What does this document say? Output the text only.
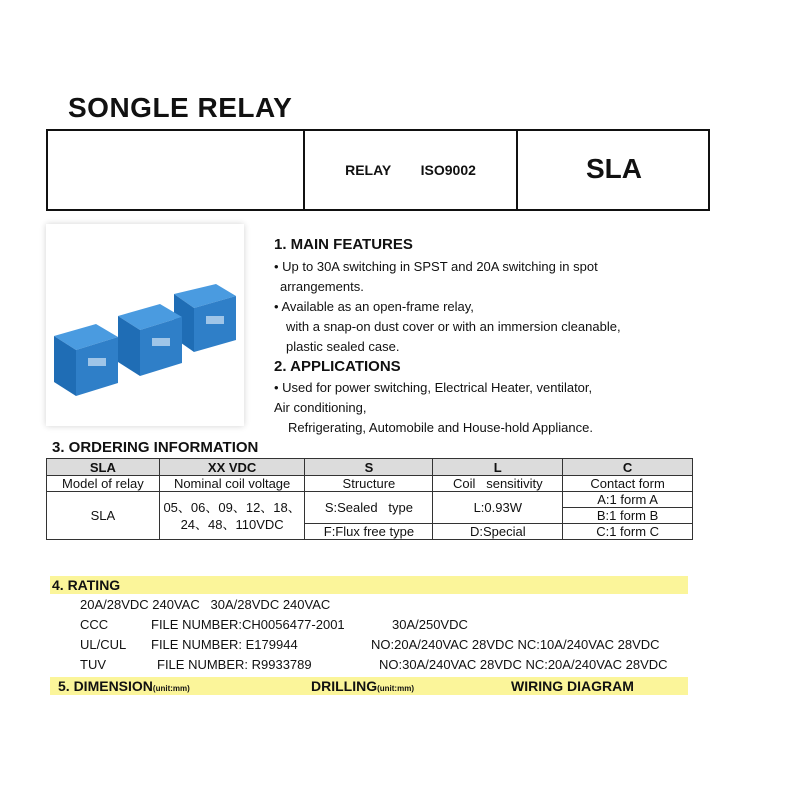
SONGLE RELAY
RELAY   ISO9002	SLA
1. MAIN FEATURES
• Up to 30A switching in SPST and 20A switching in spot
arrangements.
• Available as an open-frame relay,
with a snap-on dust cover or with an immersion cleanable,
plastic sealed case.
2. APPLICATIONS
• Used for power switching, Electrical Heater, ventilator,
Air conditioning,
Refrigerating, Automobile and House-hold Appliance.
3. ORDERING INFORMATION
SLA	XX VDC	S	L	C
Model of relay	Nominal coil voltage	Structure	Coil   sensitivity	Contact form
SLA	05、06、09、12、18、
24、48、110VDC	S:Sealed   type	L:0.93W	A:1 form A
				B:1 form B
		F:Flux free type	D:Special	C:1 form C
4. RATING
20A/28VDC 240VAC   30A/28VDC 240VAC
CCC	FILE NUMBER:CH0056477-2001	30A/250VDC
UL/CUL FILE NUMBER: E179944	NO:20A/240VAC 28VDC NC:10A/240VAC 28VDC
TUV	FILE NUMBER: R9933789	NO:30A/240VAC 28VDC NC:20A/240VAC 28VDC
5. DIMENSION(unit:mm)	DRILLING(unit:mm)	WIRING DIAGRAM
